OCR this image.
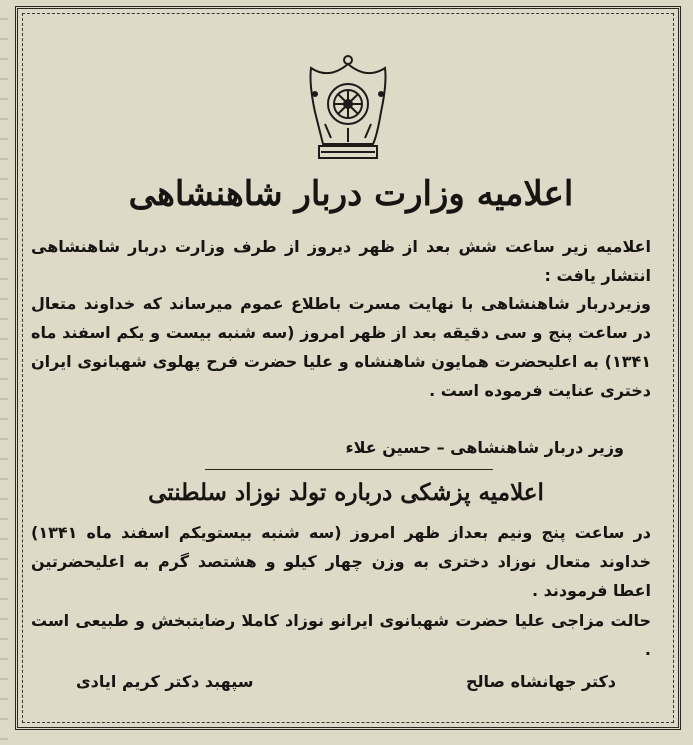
اعلامیه وزارت دربار شاهنشاهی
اعلامیه زیر ساعت شش بعد از ظهر دیروز از طرف وزارت دربار شاهنشاهی انتشار یافت :
وزیردربار شاهنشاهی با نهایت مسرت باطلاع عموم میرساند که خداوند متعال در ساعت پنج و سی دقیقه بعد از ظهر امروز (سه شنبه بیست و یکم اسفند ماه ۱۳۴۱) به اعلیحضرت همایون شاهنشاه و علیا حضرت فرح پهلوی شهبانوی ایران دختری عنایت فرموده است .
وزیر دربار شاهنشاهی – حسین علاء
اعلامیه پزشکی درباره تولد نوزاد سلطنتی
در ساعت پنج ونیم بعداز ظهر امروز (سه شنبه بیستویکم اسفند ماه ۱۳۴۱) خداوند متعال نوزاد دختری به وزن چهار کیلو و هشتصد گرم به اعلیحضرتین اعطا فرمودند .
حالت مزاجی علیا حضرت شهبانوی ایرانو نوزاد کاملا رضایتبخش و طبیعی است .
دکتر جهانشاه صالح
سپهبد دکتر کریم ایادی
